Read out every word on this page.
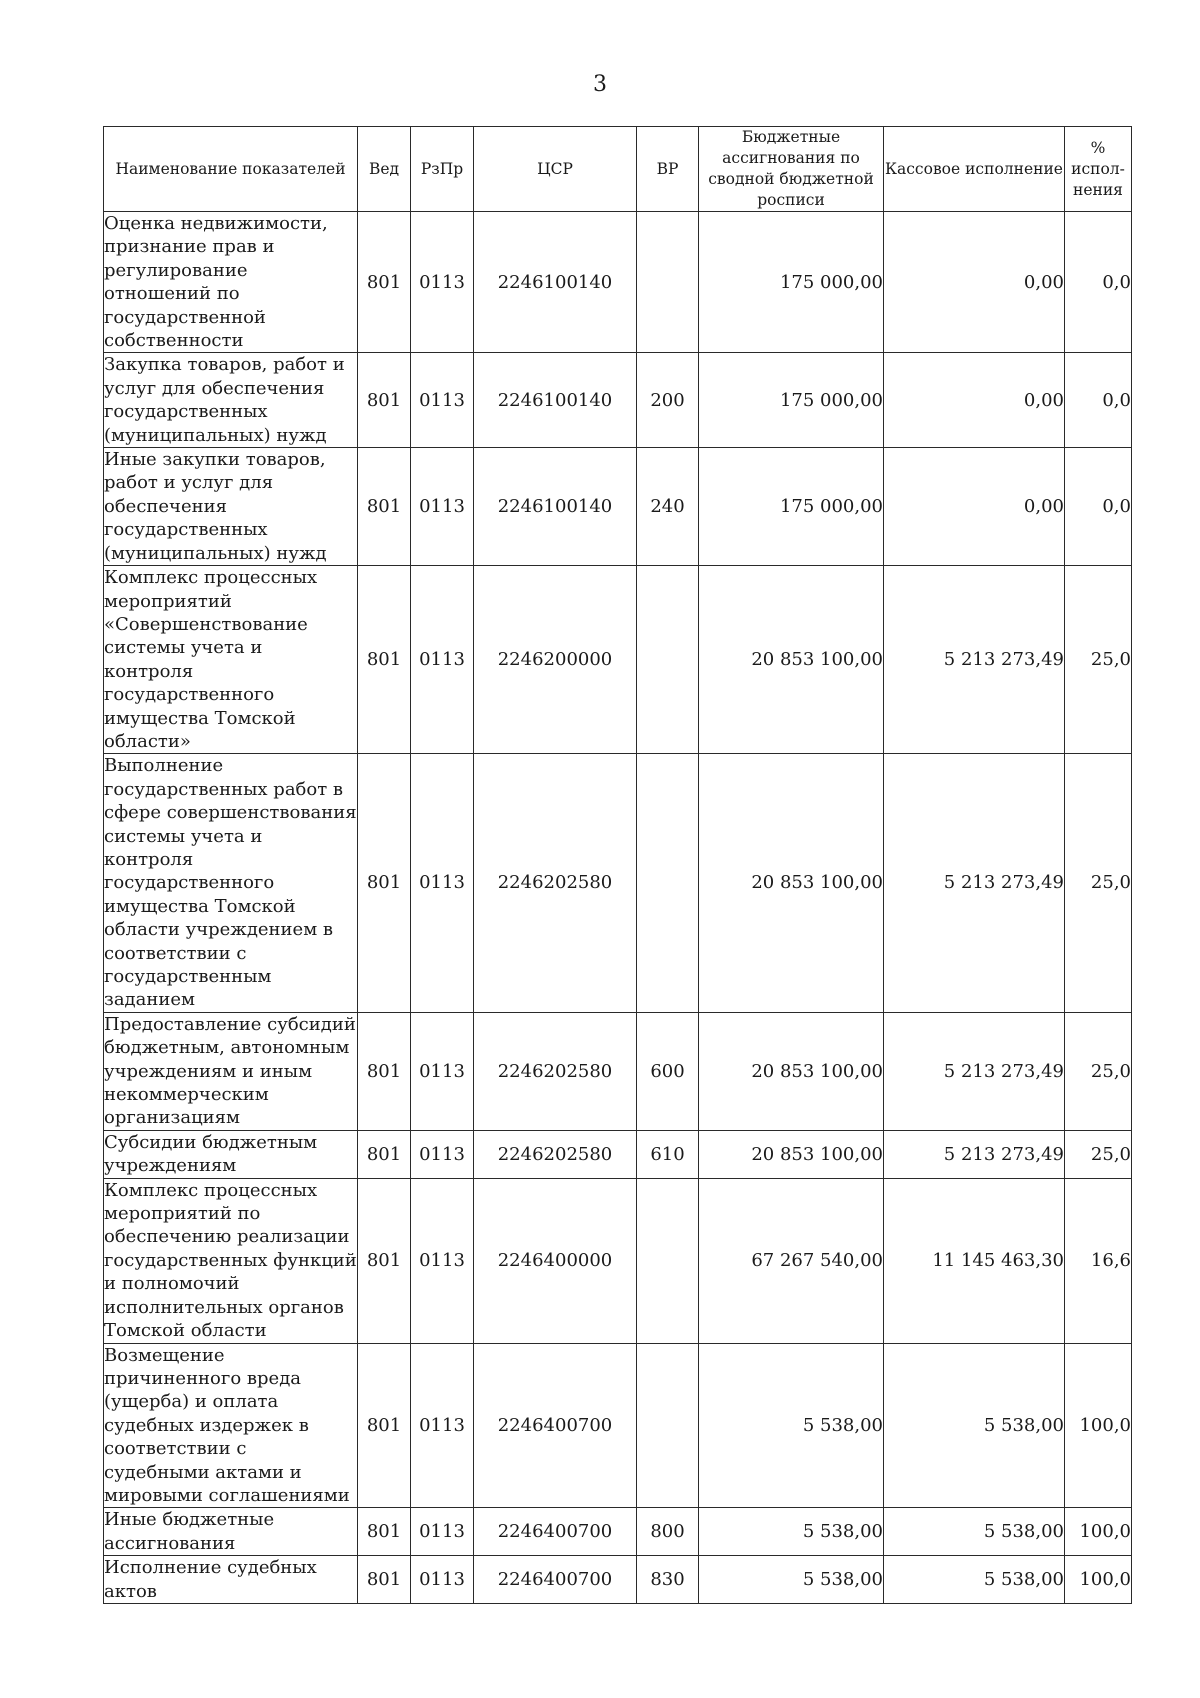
3
Наименование показателей	Вед	РзПр	ЦСР	ВР	Бюджетные ассигнования по сводной бюджетной росписи	Кассовое исполнение	% испол-нения
Оценка недвижимости, признание прав и регулирование отношений по государственной собственности	801	0113	2246100140		175 000,00	0,00	0,0
Закупка товаров, работ и услуг для обеспечения государственных (муниципальных) нужд	801	0113	2246100140	200	175 000,00	0,00	0,0
Иные закупки товаров, работ и услуг для обеспечения государственных (муниципальных) нужд	801	0113	2246100140	240	175 000,00	0,00	0,0
Комплекс процессных мероприятий «Совершенствование системы учета и контроля государственного имущества Томской области»	801	0113	2246200000		20 853 100,00	5 213 273,49	25,0
Выполнение государственных работ в сфере совершенствования системы учета и контроля государственного имущества Томской области учреждением в соответствии с государственным заданием	801	0113	2246202580		20 853 100,00	5 213 273,49	25,0
Предоставление субсидий бюджетным, автономным учреждениям и иным некоммерческим организациям	801	0113	2246202580	600	20 853 100,00	5 213 273,49	25,0
Субсидии бюджетным учреждениям	801	0113	2246202580	610	20 853 100,00	5 213 273,49	25,0
Комплекс процессных мероприятий по обеспечению реализации государственных функций и полномочий исполнительных органов Томской области	801	0113	2246400000		67 267 540,00	11 145 463,30	16,6
Возмещение причиненного вреда (ущерба) и оплата судебных издержек в соответствии с судебными актами и мировыми соглашениями	801	0113	2246400700		5 538,00	5 538,00	100,0
Иные бюджетные ассигнования	801	0113	2246400700	800	5 538,00	5 538,00	100,0
Исполнение судебных актов	801	0113	2246400700	830	5 538,00	5 538,00	100,0
